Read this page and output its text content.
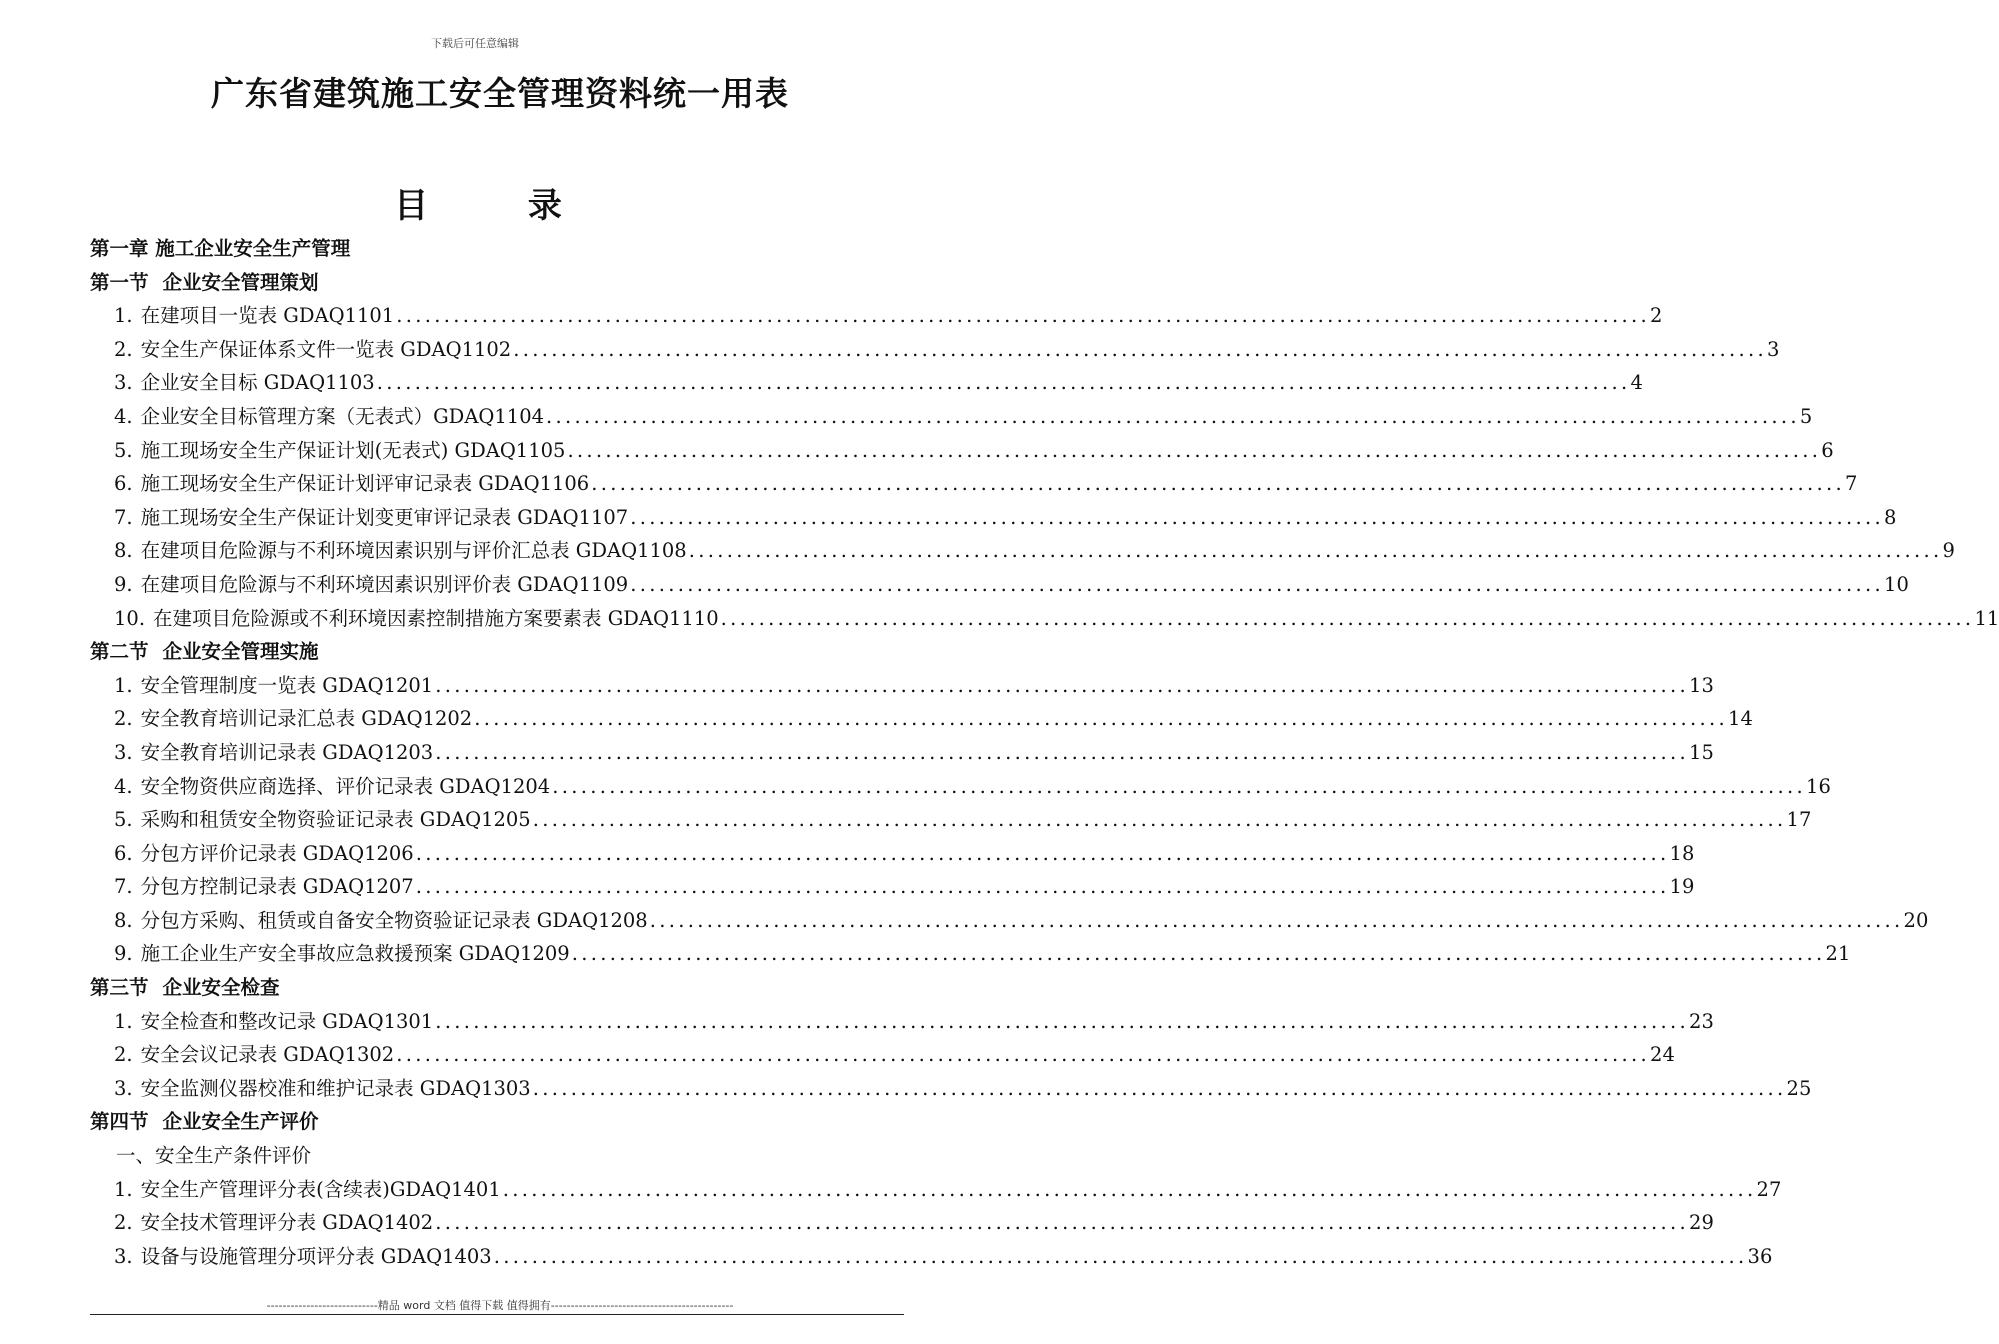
下载后可任意编辑
广东省建筑施工安全管理资料统一用表
目 录
第一章 施工企业安全生产管理
第一节 企业安全管理策划
1. 在建项目一览表 GDAQ1101 .....	2
2. 安全生产保证体系文件一览表 GDAQ1102 .....	3
3. 企业安全目标 GDAQ1103 .....	4
4. 企业安全目标管理方案（无表式）GDAQ1104 .....	5
5. 施工现场安全生产保证计划(无表式) GDAQ1105 .....	6
6. 施工现场安全生产保证计划评审记录表 GDAQ1106 .....	7
7. 施工现场安全生产保证计划变更审评记录表 GDAQ1107 .....	8
8. 在建项目危险源与不利环境因素识别与评价汇总表 GDAQ1108 .....	9
9. 在建项目危险源与不利环境因素识别评价表 GDAQ1109 .....	10
10. 在建项目危险源或不利环境因素控制措施方案要素表 GDAQ1110 .....	11
第二节 企业安全管理实施
1. 安全管理制度一览表 GDAQ1201 .....	13
2. 安全教育培训记录汇总表 GDAQ1202 .....	14
3. 安全教育培训记录表 GDAQ1203 .....	15
4. 安全物资供应商选择、评价记录表 GDAQ1204 .....	16
5. 采购和租赁安全物资验证记录表 GDAQ1205 .....	17
6. 分包方评价记录表 GDAQ1206 .....	18
7. 分包方控制记录表 GDAQ1207 .....	19
8. 分包方采购、租赁或自备安全物资验证记录表 GDAQ1208 .....	20
9. 施工企业生产安全事故应急救援预案 GDAQ1209 .....	21
第三节 企业安全检查
1. 安全检查和整改记录 GDAQ1301 .....	23
2. 安全会议记录表 GDAQ1302 .....	24
3. 安全监测仪器校准和维护记录表 GDAQ1303 .....	25
第四节 企业安全生产评价
一、安全生产条件评价
1. 安全生产管理评分表(含续表)GDAQ1401 .....	27
2. 安全技术管理评分表 GDAQ1402 .....	29
3. 设备与设施管理分项评分表 GDAQ1403 .....	36
----------------------------精品 word 文档 值得下载 值得拥有----------------------------------------------
